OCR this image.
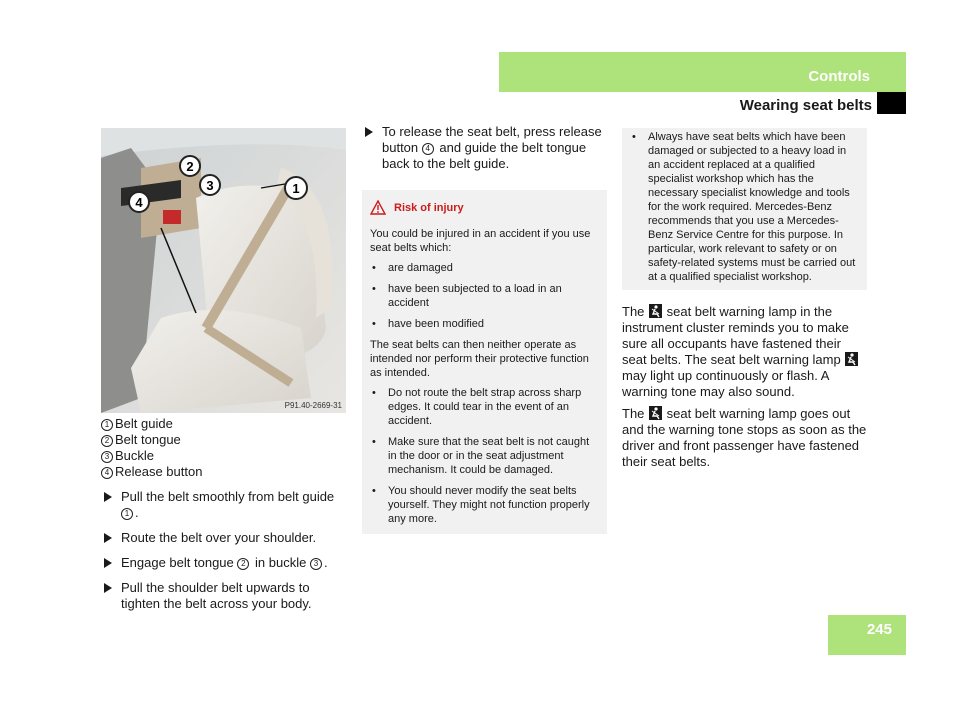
Controls
Wearing seat belts
2
3
4
1
P91.40-2669-31

1 Belt guide

2 Belt tongue

3 Buckle

4 Release button

Pull the belt smoothly from belt guide 1 .

Route the belt over your shoulder.

Engage belt tongue 2 in buckle 3 .

Pull the shoulder belt upwards to tighten the belt across your body.

To release the seat belt, press release button 4 and guide the belt tongue back to the belt guide.

Risk of injury

You could be injured in an accident if you use seat belts which:

• are damaged
• have been subjected to a load in an accident
• have been modified

The seat belts can then neither operate as intended nor perform their protective function as intended.

• Do not route the belt strap across sharp edges. It could tear in the event of an accident.
• Make sure that the seat belt is not caught in the door or in the seat adjustment mechanism. It could be damaged.
• You should never modify the seat belts yourself. They might not function properly any more.
• Always have seat belts which have been damaged or subjected to a heavy load in an accident replaced at a qualified specialist workshop which has the necessary specialist knowledge and tools for the work required. Mercedes-Benz recommends that you use a Mercedes-Benz Service Centre for this purpose. In particular, work relevant to safety or on safety-related systems must be carried out at a qualified specialist workshop.

The
seat belt warning lamp in the instrument cluster reminds you to make sure all occupants have fastened their seat belts. The seat belt warning lamp
may light up continuously or flash. A warning tone may also sound.

The
seat belt warning lamp goes out and the warning tone stops as soon as the driver and front passenger have fastened their seat belts.

245
